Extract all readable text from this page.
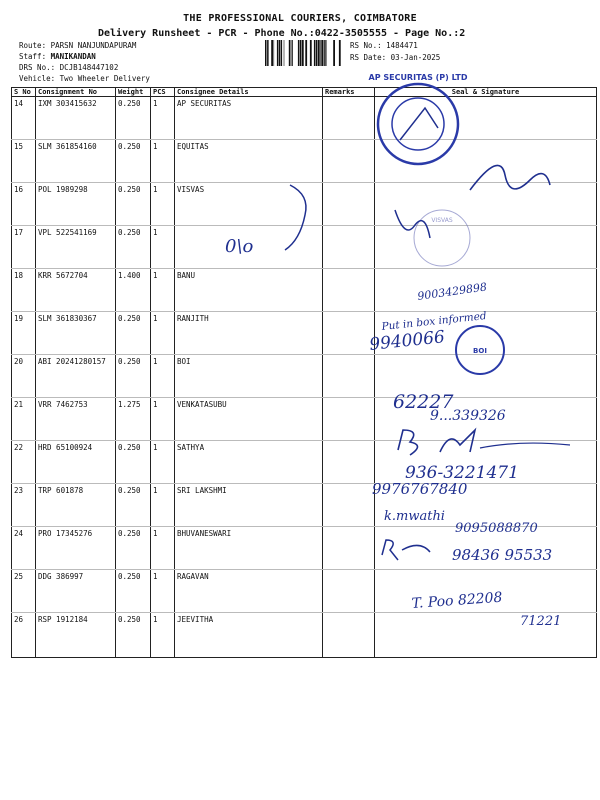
THE PROFESSIONAL COURIERS, COIMBATORE
Delivery Runsheet - PCR - Phone No.:0422-3505555 - Page No.:2
Route: PARSN NANJUNDAPURAM
Staff: MANIKANDAN
DRS No.: DCJB148447102
Vehicle: Two Wheeler Delivery
RS No.: 1484471
RS Date: 03-Jan-2025
S No	Consignment No	Weight	PCS	Consignee Details	Remarks	Seal & Signature
14	IXM 303415632	0.250	1	AP SECURITAS		
15	SLM 361854160	0.250	1	EQUITAS		
16	POL 1989298	0.250	1	VISVAS		
17	VPL 522541169	0.250	1			
18	KRR 5672704	1.400	1	BANU		
19	SLM 361830367	0.250	1	RANJITH		
20	ABI 20241280157	0.250	1	BOI		
21	VRR 7462753	1.275	1	VENKATASUBU		
22	HRD 65100924	0.250	1	SATHYA		
23	TRP 601878	0.250	1	SRI LAKSHMI		
24	PRO 17345276	0.250	1	BHUVANESWARI		
25	DDG 386997	0.250	1	RAGAVAN		
26	RSP 1912184	0.250	1	JEEVITHA		
AP SECURITAS (P) LTD
VISVAS
0\o
9003429898
Put in box informed
9940066	BOI
62227
9...339326
936-3221471
9976767840
k.mwathi
9095088870
98436 95533
T. Poo 82208
71221
